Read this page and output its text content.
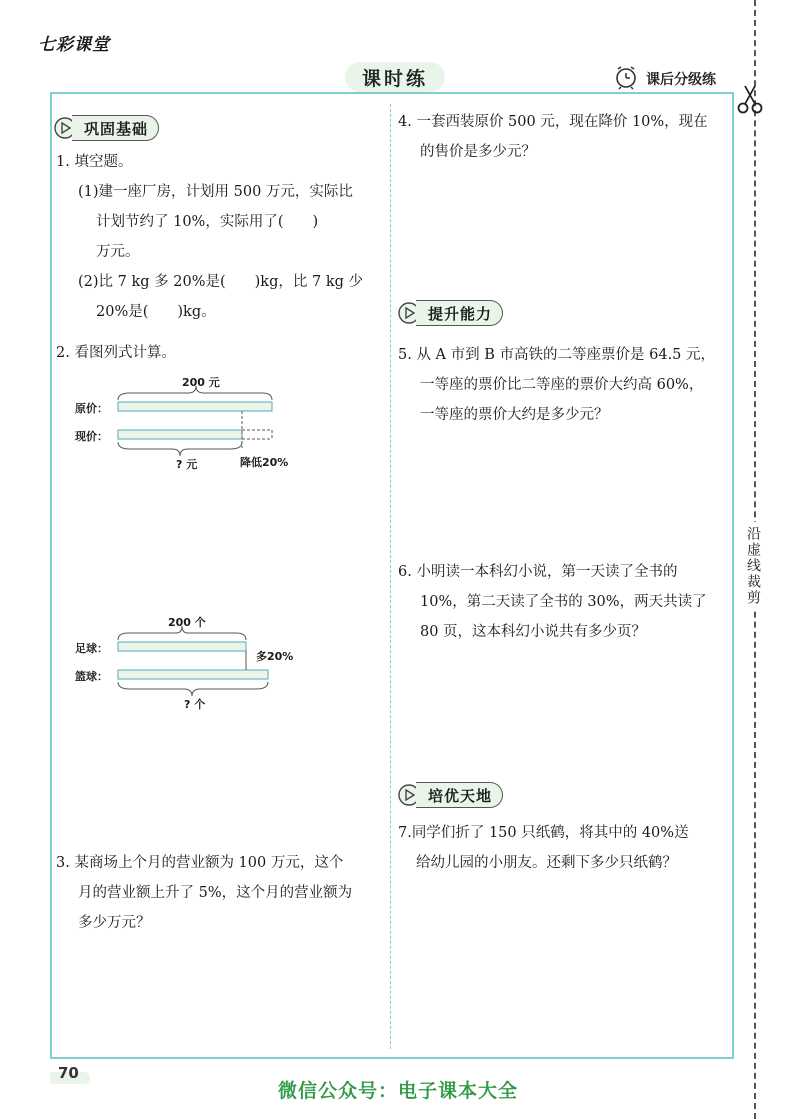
七彩课堂
课时练	课后分级练
沿虚线裁剪
巩固基础
1. 填空题。
(1)建一座厂房，计划用 500 万元，实际比
计划节约了 10%，实际用了(　　)
万元。
(2)比 7 kg 多 20%是(　　)kg，比 7 kg 少
20%是(　　)kg。
2. 看图列式计算。
200 元
原价：
现价：
? 元	降低20%
200 个
足球：
篮球：
? 个
多20%
3. 某商场上个月的营业额为 100 万元，这个
月的营业额上升了 5%，这个月的营业额为
多少万元？
4. 一套西装原价 500 元，现在降价 10%，现在
的售价是多少元？
提升能力
5. 从 A 市到 B 市高铁的二等座票价是 64.5 元，
一等座的票价比二等座的票价大约高 60%，
一等座的票价大约是多少元？
6. 小明读一本科幻小说，第一天读了全书的
10%，第二天读了全书的 30%，两天共读了
80 页，这本科幻小说共有多少页？
培优天地
7.同学们折了 150 只纸鹤，将其中的 40%送
给幼儿园的小朋友。还剩下多少只纸鹤？
70
微信公众号：电子课本大全
